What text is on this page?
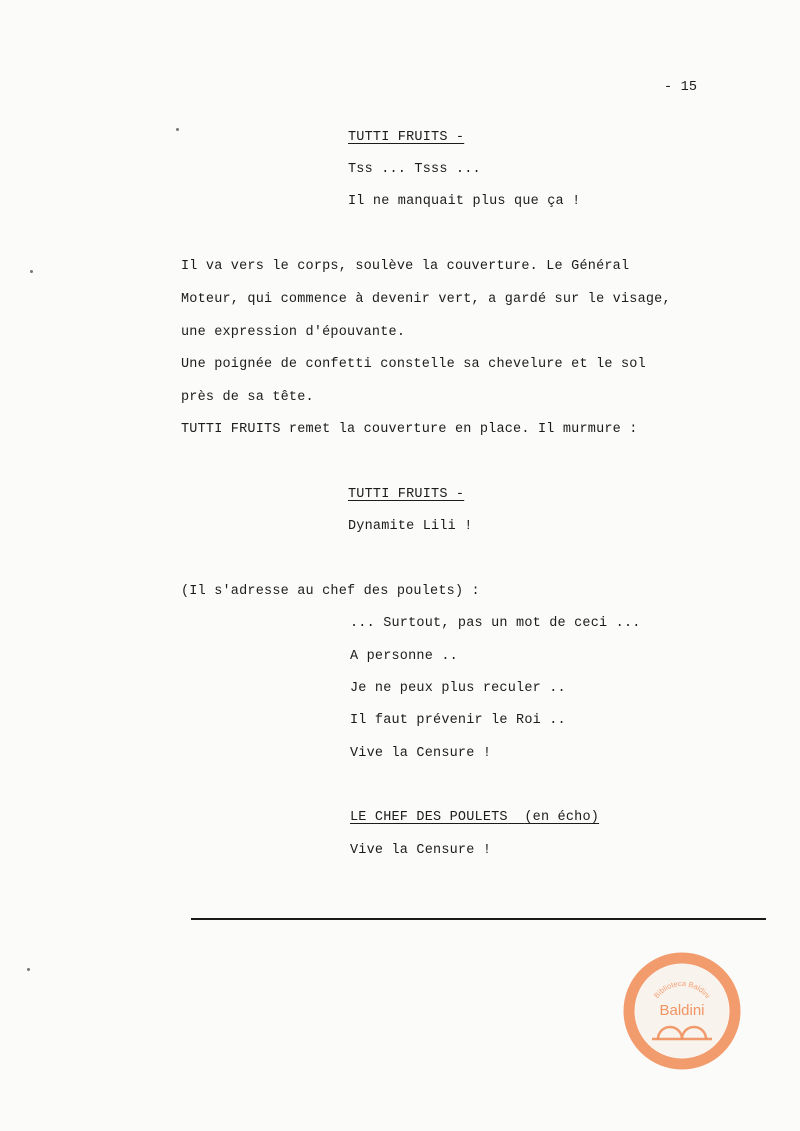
- 15
TUTTI FRUITS -
Tss ... Tsss ...
Il ne manquait plus que ça !
Il va vers le corps, soulève la couverture. Le Général
Moteur, qui commence à devenir vert, a gardé sur le visage,
une expression d'épouvante.
Une poignée de confetti constelle sa chevelure et le sol
près de sa tête.
TUTTI FRUITS remet la couverture en place. Il murmure :
TUTTI FRUITS -
Dynamite Lili !
(Il s'adresse au chef des poulets) :
... Surtout, pas un mot de ceci ...
A personne ..
Je ne peux plus reculer ..
Il faut prévenir le Roi ..
Vive la Censure !
LE CHEF DES POULETS (en écho)
Vive la Censure !
Biblioteca Baldini
Baldini
